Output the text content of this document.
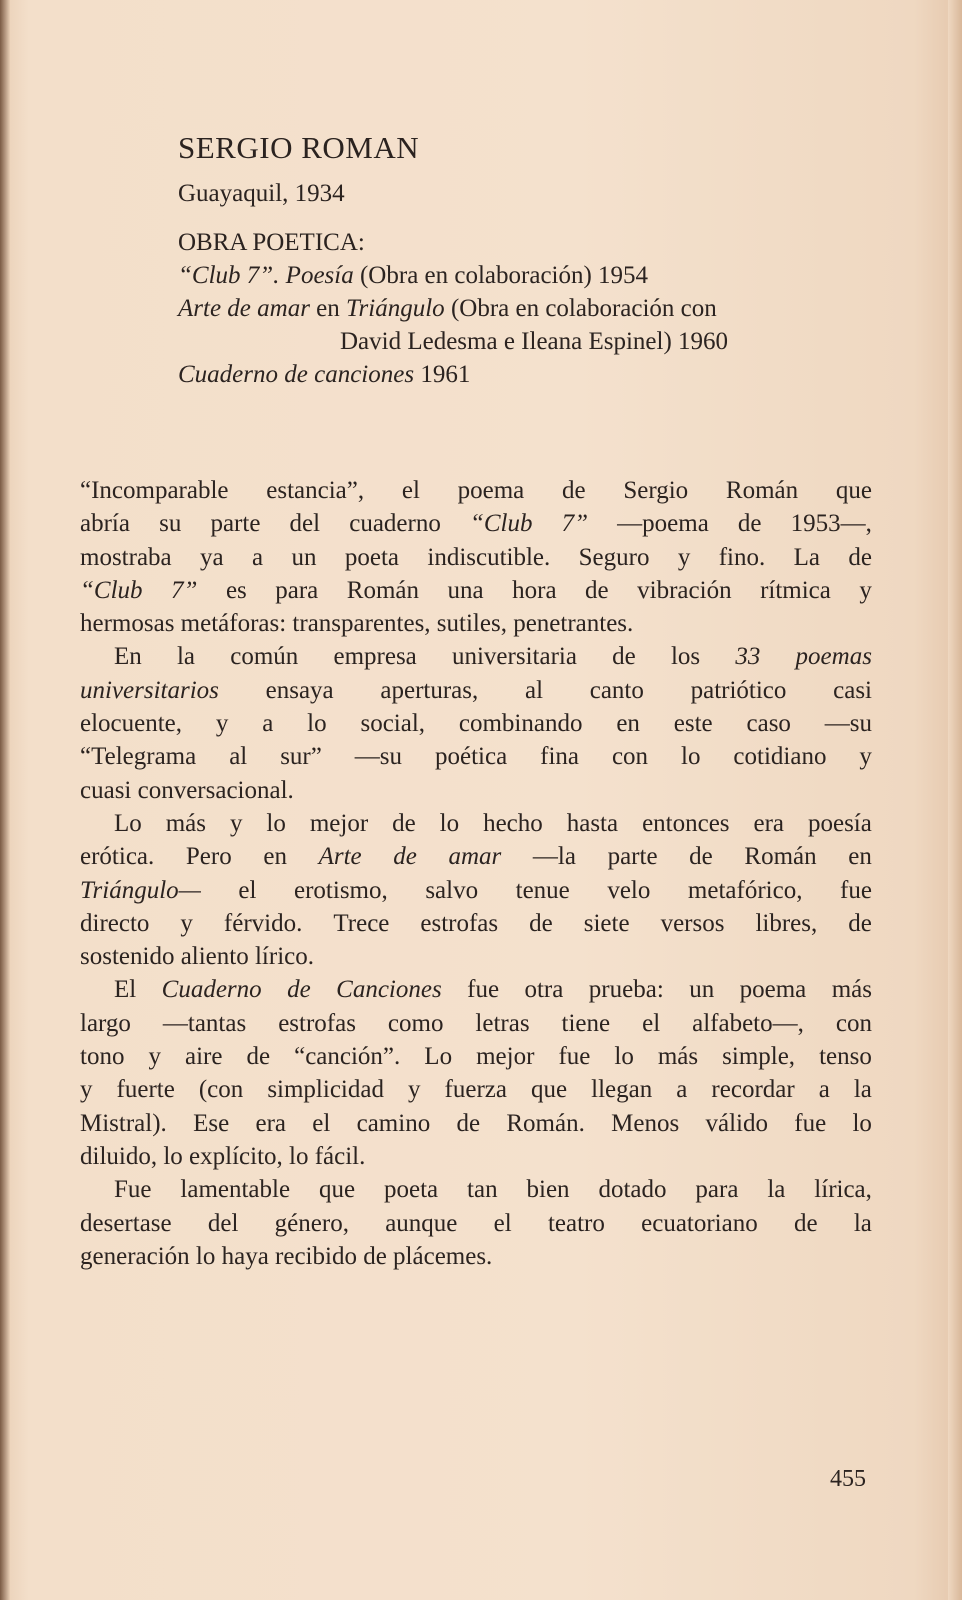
SERGIO ROMAN
Guayaquil, 1934
OBRA POETICA:
“Club 7”. Poesía (Obra en colaboración) 1954
Arte de amar en Triángulo (Obra en colaboración con
David Ledesma e Ileana Espinel) 1960
Cuaderno de canciones 1961
“Incomparable estancia”, el poema de Sergio Román que
abría su parte del cuaderno “Club 7” —poema de 1953—,
mostraba ya a un poeta indiscutible. Seguro y fino. La de
“Club 7” es para Román una hora de vibración rítmica y
hermosas metáforas: transparentes, sutiles, penetrantes.
En la común empresa universitaria de los 33 poemas
universitarios ensaya aperturas, al canto patriótico casi
elocuente, y a lo social, combinando en este caso —su
“Telegrama al sur” —su poética fina con lo cotidiano y
cuasi conversacional.
Lo más y lo mejor de lo hecho hasta entonces era poesía
erótica. Pero en Arte de amar —la parte de Román en
Triángulo— el erotismo, salvo tenue velo metafórico, fue
directo y férvido. Trece estrofas de siete versos libres, de
sostenido aliento lírico.
El Cuaderno de Canciones fue otra prueba: un poema más
largo —tantas estrofas como letras tiene el alfabeto—, con
tono y aire de “canción”. Lo mejor fue lo más simple, tenso
y fuerte (con simplicidad y fuerza que llegan a recordar a la
Mistral). Ese era el camino de Román. Menos válido fue lo
diluido, lo explícito, lo fácil.
Fue lamentable que poeta tan bien dotado para la lírica,
desertase del género, aunque el teatro ecuatoriano de la
generación lo haya recibido de plácemes.
455
